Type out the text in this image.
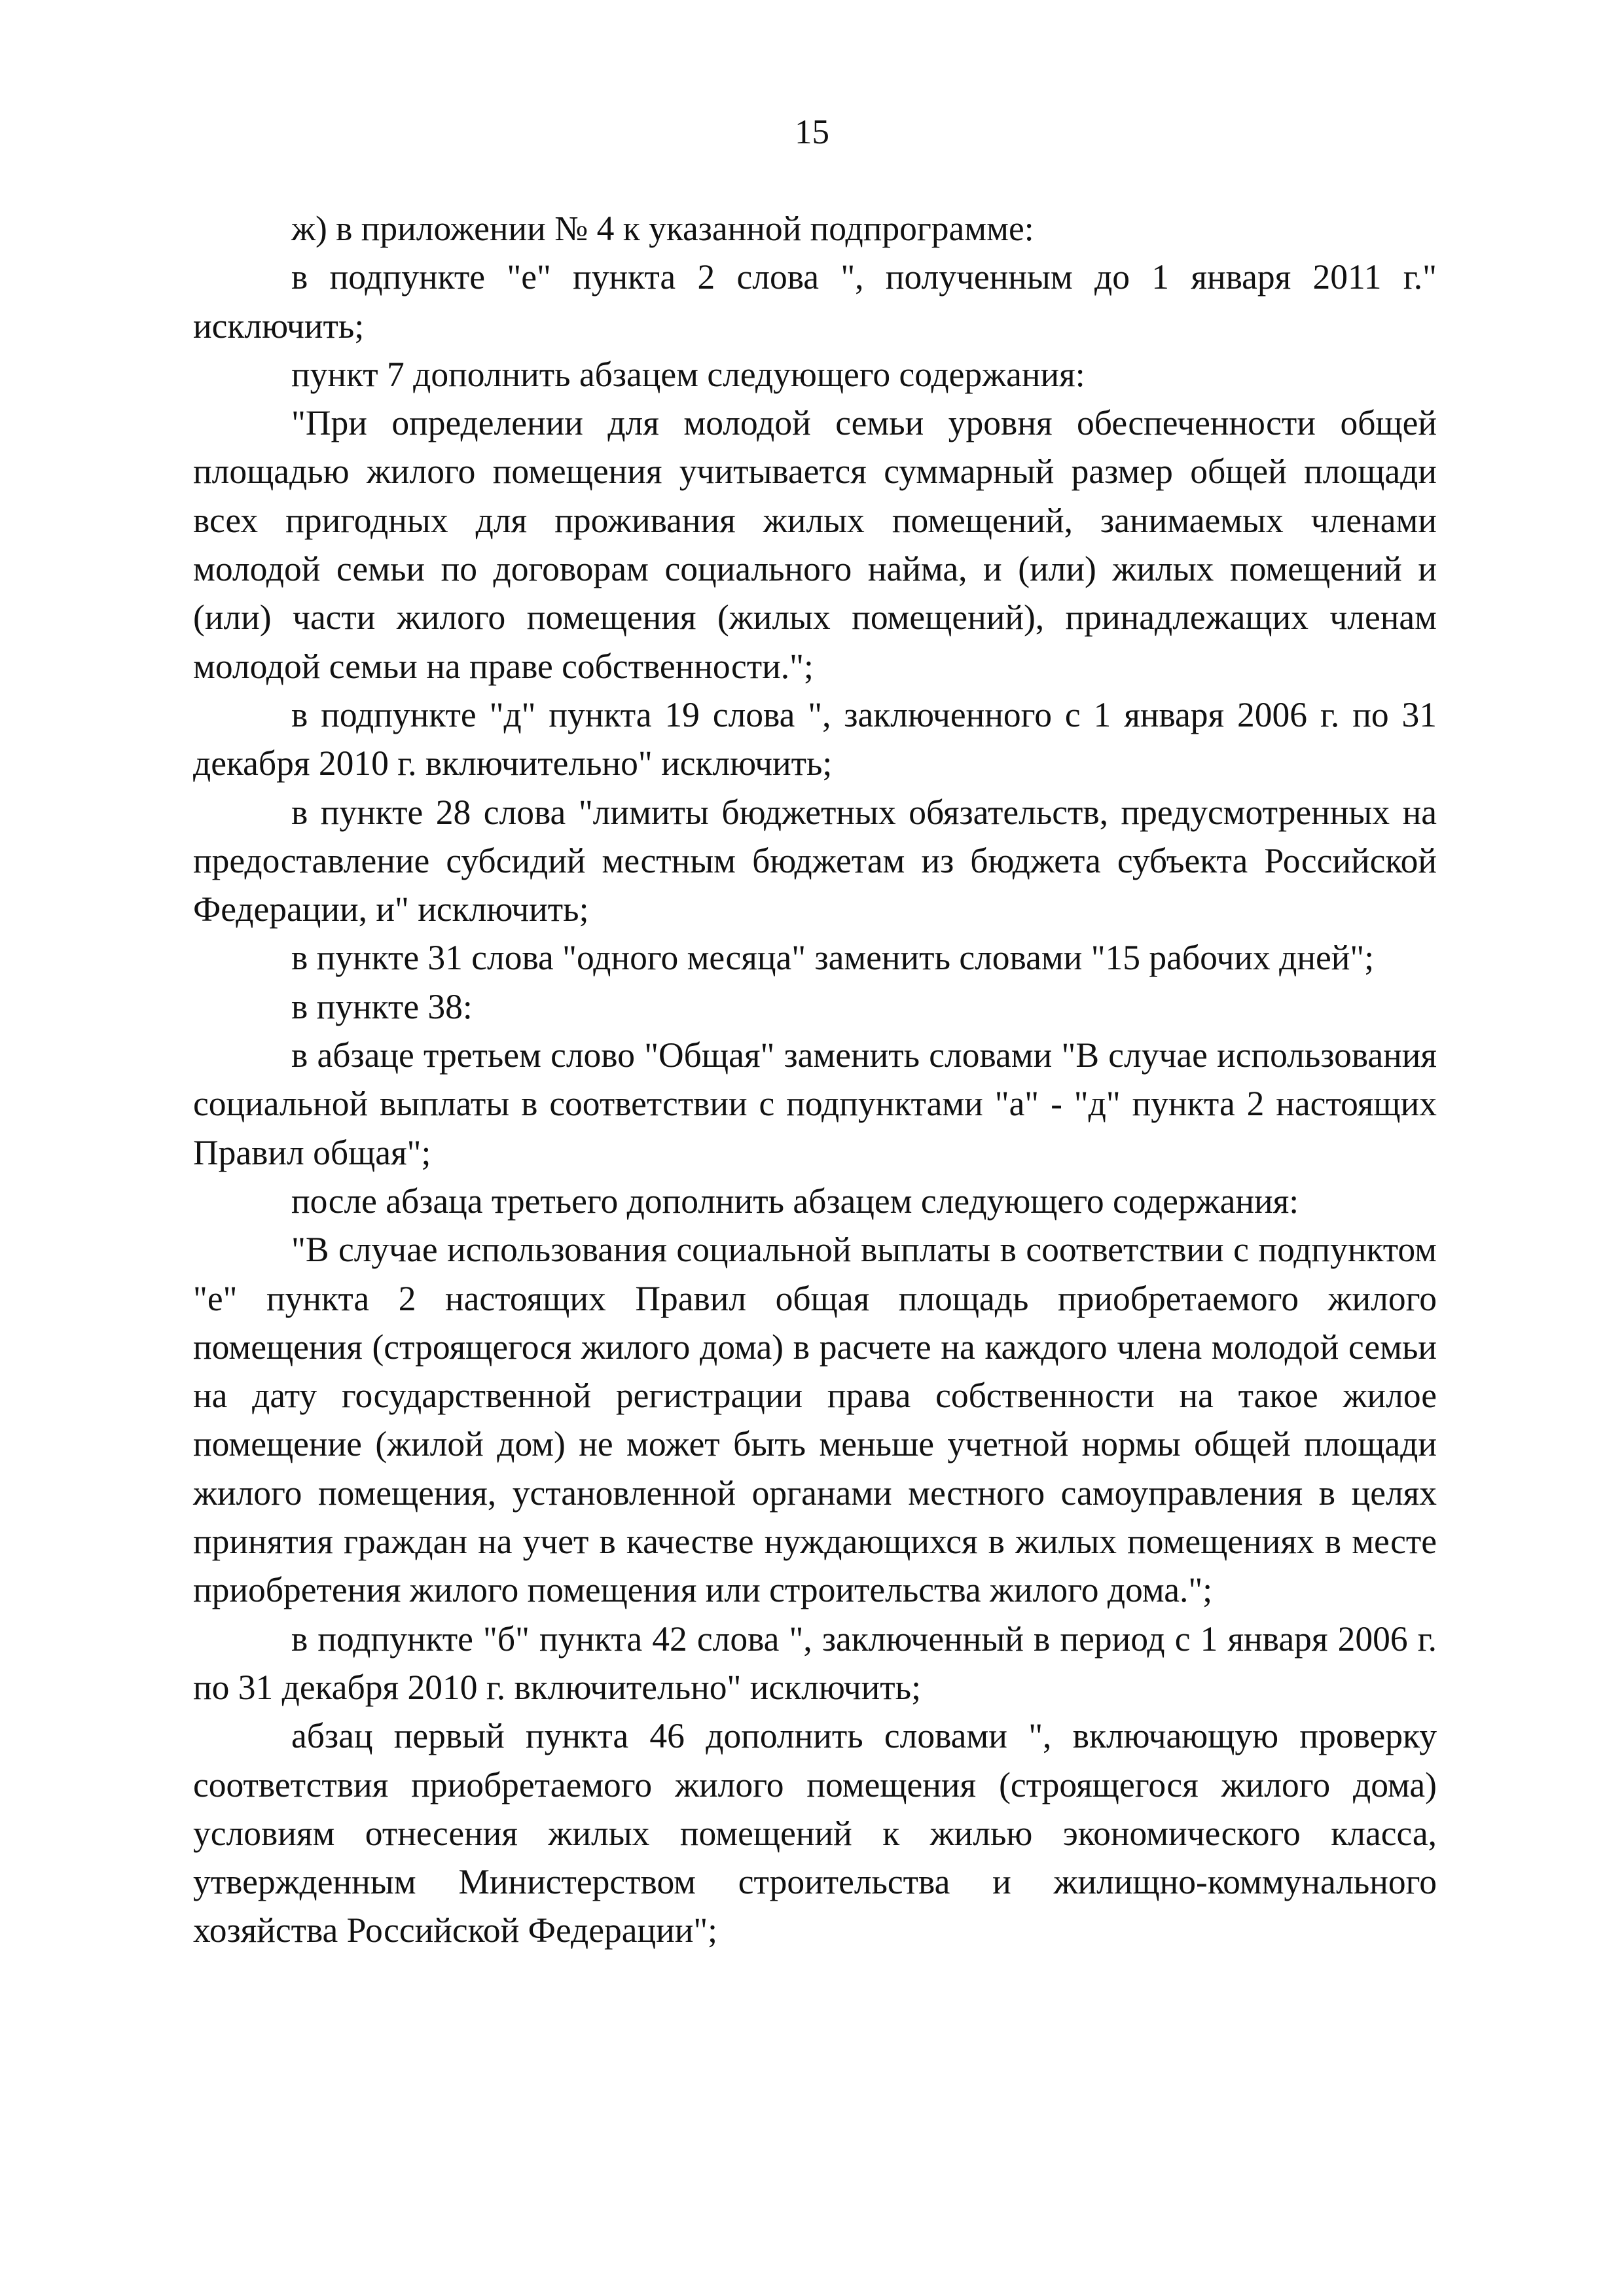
15

ж) в приложении № 4 к указанной подпрограмме:

в подпункте "е" пункта 2 слова ", полученным до 1 января 2011 г." исключить;

пункт 7 дополнить абзацем следующего содержания:

"При определении для молодой семьи уровня обеспеченности общей площадью жилого помещения учитывается суммарный размер общей площади всех пригодных для проживания жилых помещений, занимаемых членами молодой семьи по договорам социального найма, и (или) жилых помещений и (или) части жилого помещения (жилых помещений), принадлежащих членам молодой семьи на праве собственности.";

в подпункте "д" пункта 19 слова ", заключенного с 1 января 2006 г. по 31 декабря 2010 г. включительно" исключить;

в пункте 28 слова "лимиты бюджетных обязательств, предусмотренных на предоставление субсидий местным бюджетам из бюджета субъекта Российской Федерации, и" исключить;

в пункте 31 слова "одного месяца" заменить словами "15 рабочих дней";

в пункте 38:

в абзаце третьем слово "Общая" заменить словами "В случае использования социальной выплаты в соответствии с подпунктами "а" - "д" пункта 2 настоящих Правил общая";

после абзаца третьего дополнить абзацем следующего содержания:

"В случае использования социальной выплаты в соответствии с подпунктом "е" пункта 2 настоящих Правил общая площадь приобретаемого жилого помещения (строящегося жилого дома) в расчете на каждого члена молодой семьи на дату государственной регистрации права собственности на такое жилое помещение (жилой дом) не может быть меньше учетной нормы общей площади жилого помещения, установленной органами местного самоуправления в целях принятия граждан на учет в качестве нуждающихся в жилых помещениях в месте приобретения жилого помещения или строительства жилого дома.";

в подпункте "б" пункта 42 слова ", заключенный в период с 1 января 2006 г. по 31 декабря 2010 г. включительно" исключить;

абзац первый пункта 46 дополнить словами ", включающую проверку соответствия приобретаемого жилого помещения (строящегося жилого дома) условиям отнесения жилых помещений к жилью экономического класса, утвержденным Министерством строительства и жилищно-коммунального хозяйства Российской Федерации";
